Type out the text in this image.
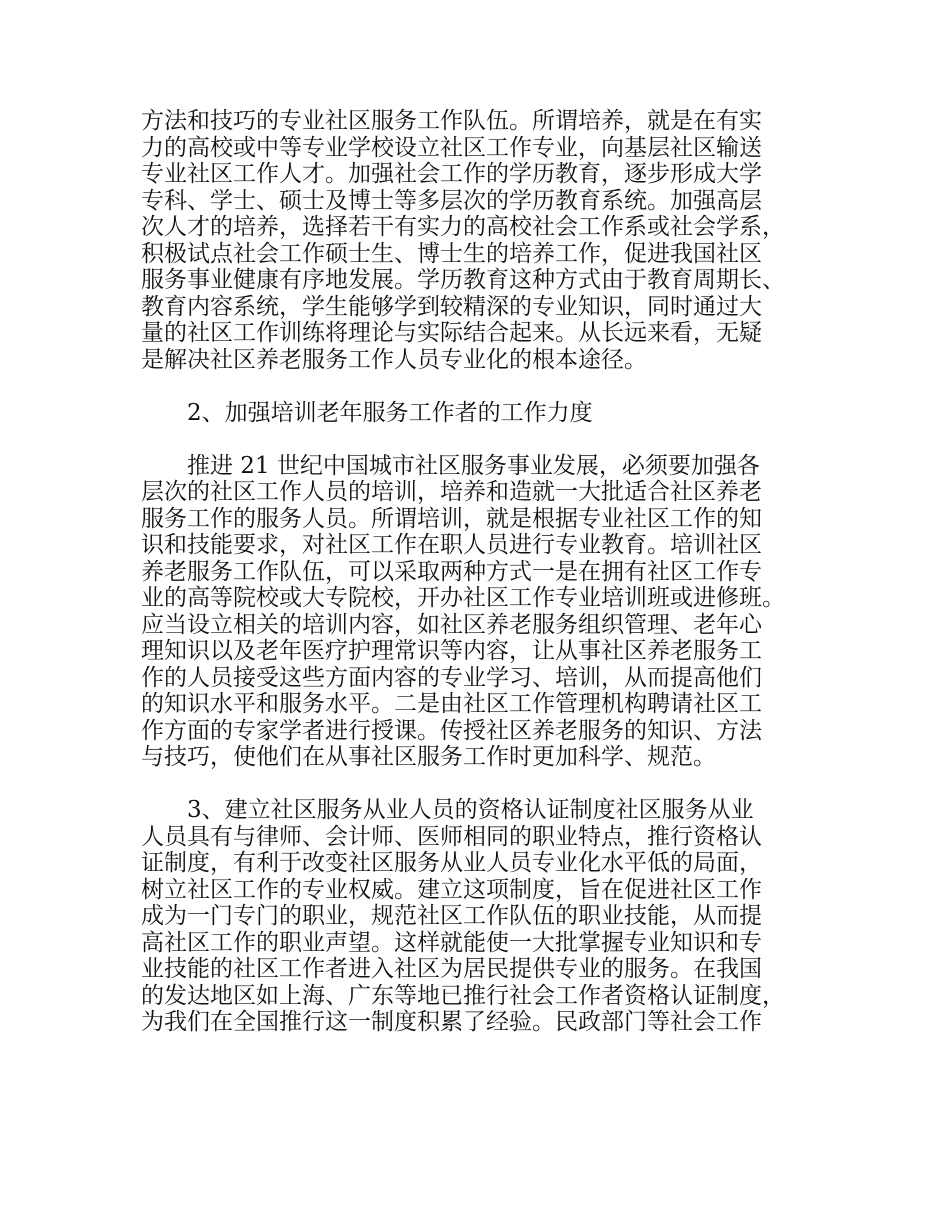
方法和技巧的专业社区服务工作队伍。所谓培养，就是在有实
力的高校或中等专业学校设立社区工作专业，向基层社区输送
专业社区工作人才。加强社会工作的学历教育，逐步形成大学
专科、学士、硕士及博士等多层次的学历教育系统。加强高层
次人才的培养，选择若干有实力的高校社会工作系或社会学系，
积极试点社会工作硕士生、博士生的培养工作，促进我国社区
服务事业健康有序地发展。学历教育这种方式由于教育周期长、
教育内容系统，学生能够学到较精深的专业知识，同时通过大
量的社区工作训练将理论与实际结合起来。从长远来看，无疑
是解决社区养老服务工作人员专业化的根本途径。
2、加强培训老年服务工作者的工作力度
推进 21 世纪中国城市社区服务事业发展，必须要加强各
层次的社区工作人员的培训，培养和造就一大批适合社区养老
服务工作的服务人员。所谓培训，就是根据专业社区工作的知
识和技能要求，对社区工作在职人员进行专业教育。培训社区
养老服务工作队伍，可以采取两种方式一是在拥有社区工作专
业的高等院校或大专院校，开办社区工作专业培训班或进修班。
应当设立相关的培训内容，如社区养老服务组织管理、老年心
理知识以及老年医疗护理常识等内容，让从事社区养老服务工
作的人员接受这些方面内容的专业学习、培训，从而提高他们
的知识水平和服务水平。二是由社区工作管理机构聘请社区工
作方面的专家学者进行授课。传授社区养老服务的知识、方法
与技巧，使他们在从事社区服务工作时更加科学、规范。
3、建立社区服务从业人员的资格认证制度社区服务从业
人员具有与律师、会计师、医师相同的职业特点，推行资格认
证制度，有利于改变社区服务从业人员专业化水平低的局面，
树立社区工作的专业权威。建立这项制度，旨在促进社区工作
成为一门专门的职业，规范社区工作队伍的职业技能，从而提
高社区工作的职业声望。这样就能使一大批掌握专业知识和专
业技能的社区工作者进入社区为居民提供专业的服务。在我国
的发达地区如上海、广东等地已推行社会工作者资格认证制度，
为我们在全国推行这一制度积累了经验。民政部门等社会工作
